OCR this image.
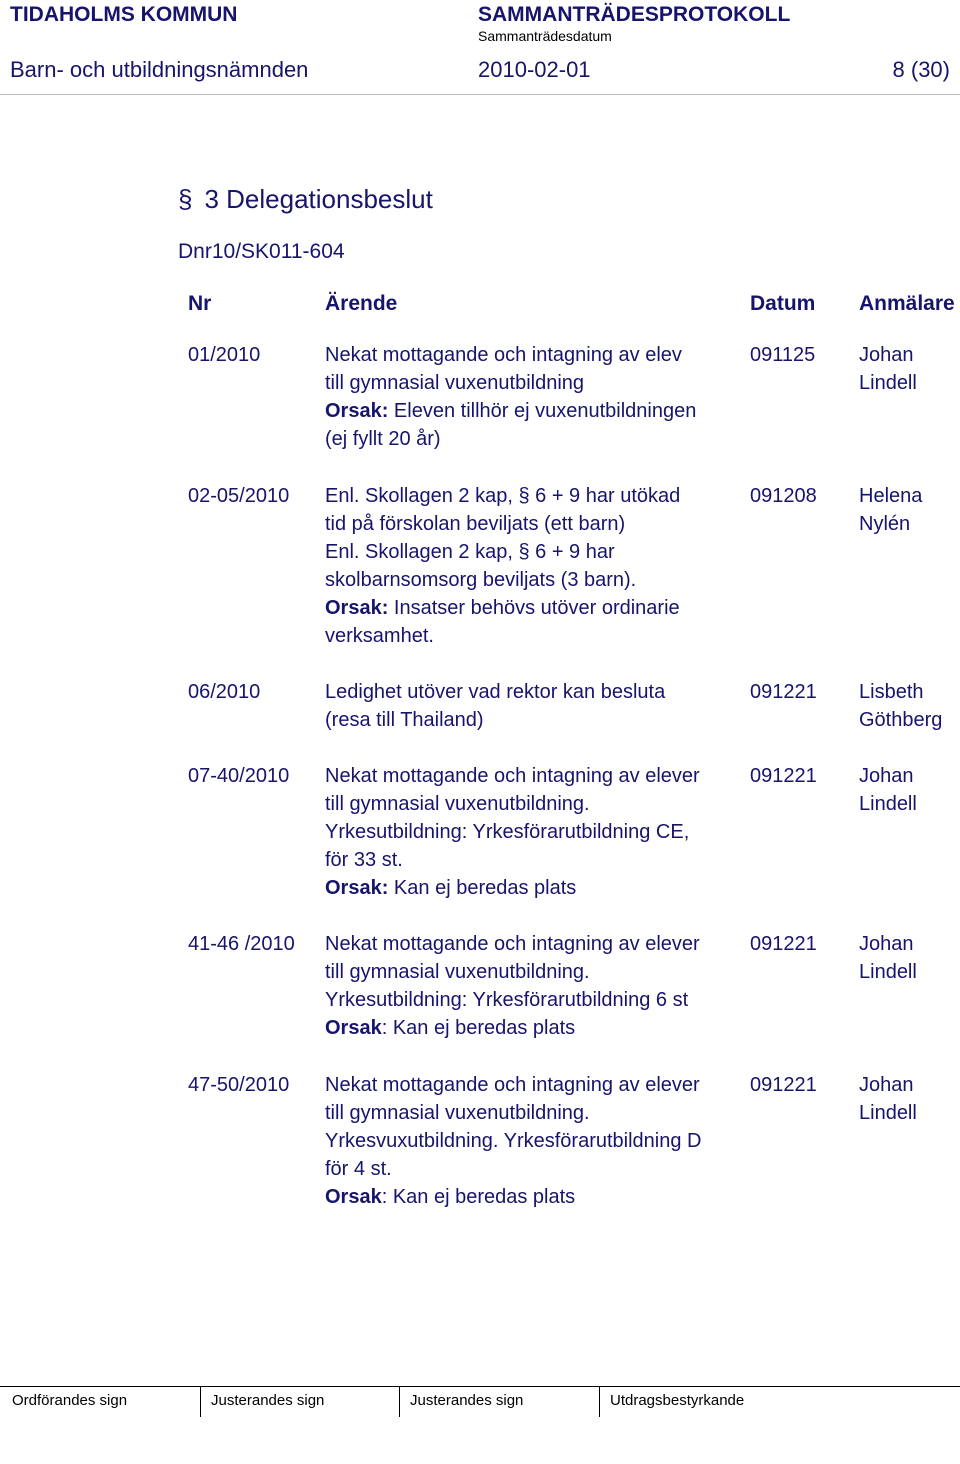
TIDAHOLMS KOMMUN	SAMMANTRÄDESPROTOKOLL
Sammanträdesdatum
Barn- och utbildningsnämnden	2010-02-01	8 (30)
§ 3 Delegationsbeslut
Dnr10/SK011-604
Nr	Ärende	Datum Anmälare
01/2010	Nekat mottagande och intagning av elev
till gymnasial vuxenutbildning
Orsak: Eleven tillhör ej vuxenutbildningen
(ej fyllt 20 år)
091125 Johan
Lindell
02-05/2010 Enl. Skollagen 2 kap, § 6 + 9 har utökad
tid på förskolan beviljats (ett barn)
Enl. Skollagen 2 kap, § 6 + 9 har
skolbarnsomsorg beviljats (3 barn).
Orsak: Insatser behövs utöver ordinarie
verksamhet.
091208 Helena
Nylén
06/2010	Ledighet utöver vad rektor kan besluta
(resa till Thailand)
091221 Lisbeth
Göthberg
07-40/2010 Nekat mottagande och intagning av elever
till gymnasial vuxenutbildning.
Yrkesutbildning: Yrkesförarutbildning CE,
för 33 st.
Orsak: Kan ej beredas plats
091221 Johan
Lindell
41-46 /2010 Nekat mottagande och intagning av elever
till gymnasial vuxenutbildning.
Yrkesutbildning: Yrkesförarutbildning 6 st
Orsak: Kan ej beredas plats
091221 Johan
Lindell
47-50/2010 Nekat mottagande och intagning av elever
till gymnasial vuxenutbildning.
Yrkesvuxutbildning. Yrkesförarutbildning D
för 4 st.
Orsak: Kan ej beredas plats
091221 Johan
Lindell
Ordförandes sign	Justerandes sign	Justerandes sign	Utdragsbestyrkande
